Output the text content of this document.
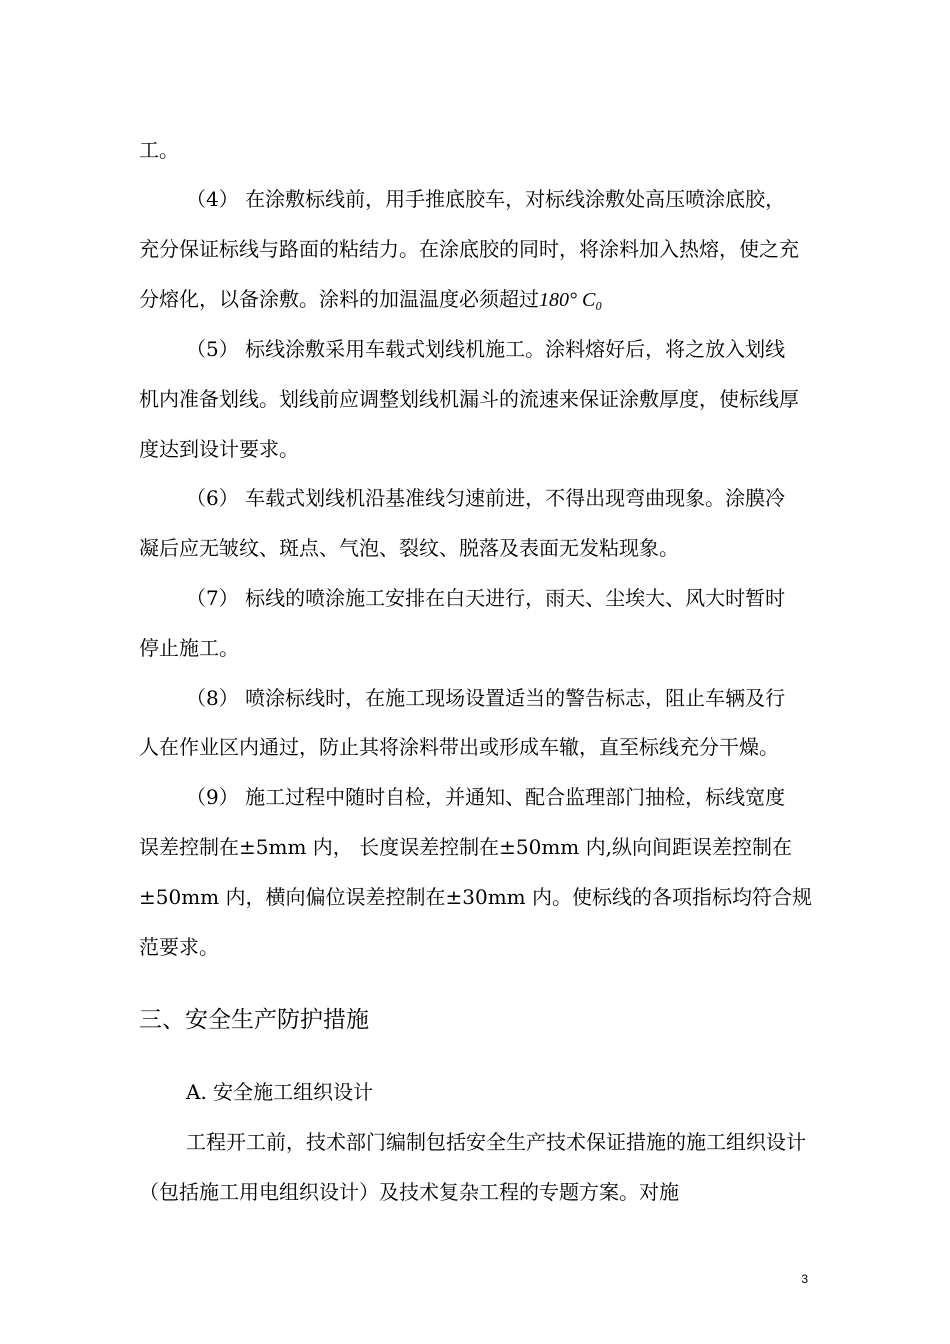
工。
（4） 在涂敷标线前，用手推底胶车，对标线涂敷处高压喷涂底胶，
充分保证标线与路面的粘结力。在涂底胶的同时，将涂料加入热熔，使之充
分熔化，以备涂敷。涂料的加温温度必须超过180° C₀
（5） 标线涂敷采用车载式划线机施工。涂料熔好后，将之放入划线
机内准备划线。划线前应调整划线机漏斗的流速来保证涂敷厚度，使标线厚
度达到设计要求。
（6） 车载式划线机沿基准线匀速前进，不得出现弯曲现象。涂膜冷
凝后应无皱纹、斑点、气泡、裂纹、脱落及表面无发粘现象。
（7） 标线的喷涂施工安排在白天进行，雨天、尘埃大、风大时暂时
停止施工。
（8） 喷涂标线时，在施工现场设置适当的警告标志，阻止车辆及行
人在作业区内通过，防止其将涂料带出或形成车辙，直至标线充分干燥。
（9） 施工过程中随时自检，并通知、配合监理部门抽检，标线宽度
误差控制在±5mm 内， 长度误差控制在±50mm 内,纵向间距误差控制在
±50mm 内，横向偏位误差控制在±30mm 内。使标线的各项指标均符合规
范要求。
三、安全生产防护措施
A. 安全施工组织设计
工程开工前，技术部门编制包括安全生产技术保证措施的施工组织设计
（包括施工用电组织设计）及技术复杂工程的专题方案。对施
3
